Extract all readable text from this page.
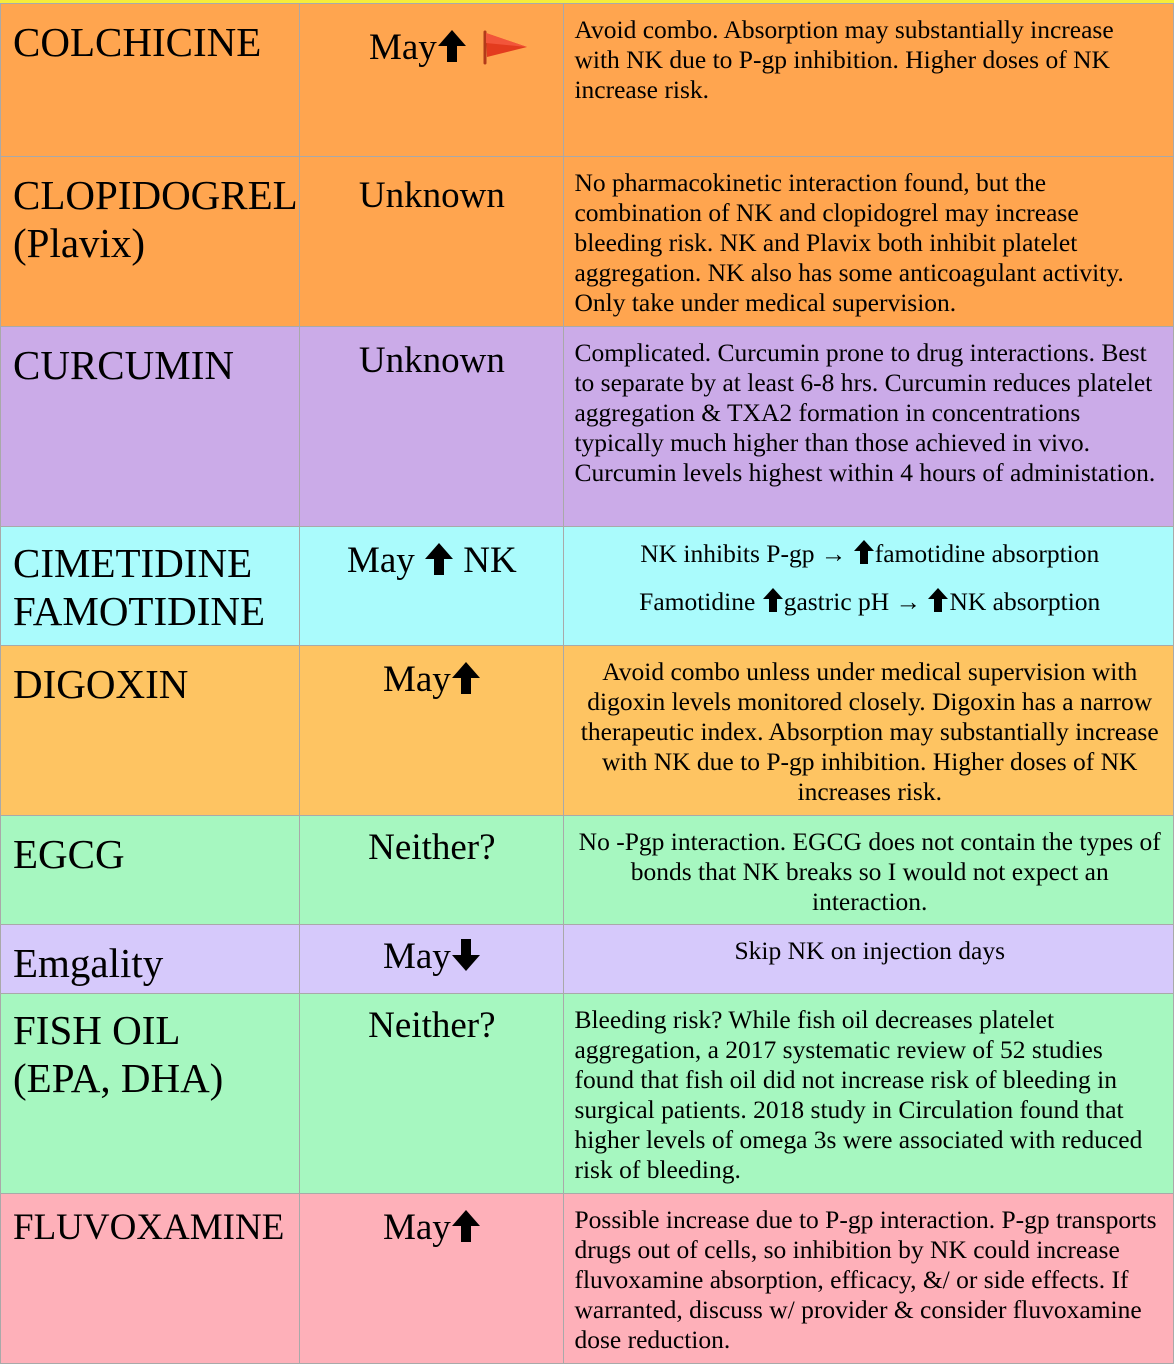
COLCHICINE	May	Avoid combo. Absorption may substantially increase with NK due to P-gp inhibition. Higher doses of NK increase risk.

CLOPIDOGREL
(Plavix)	Unknown	No pharmacokinetic interaction found, but the combination of NK and clopidogrel may increase bleeding risk. NK and Plavix both inhibit platelet aggregation. NK also has some anticoagulant activity. Only take under medical supervision.

CURCUMIN	Unknown	Complicated. Curcumin prone to drug interactions. Best to separate by at least 6-8 hrs. Curcumin reduces platelet aggregation & TXA2 formation in concentrations typically much higher than those achieved in vivo. Curcumin levels highest within 4 hours of administation.

CIMETIDINE
FAMOTIDINE	May NK	NK inhibits P-gp → famotidine absorption
Famotidine gastric pH → NK absorption

DIGOXIN	May	Avoid combo unless under medical supervision with digoxin levels monitored closely. Digoxin has a narrow therapeutic index. Absorption may substantially increase with NK due to P-gp inhibition. Higher doses of NK increases risk.

EGCG	Neither?	No -Pgp interaction. EGCG does not contain the types of bonds that NK breaks so I would not expect an interaction.

Emgality	May	Skip NK on injection days

FISH OIL
(EPA, DHA)	Neither?	Bleeding risk? While fish oil decreases platelet aggregation, a 2017 systematic review of 52 studies found that fish oil did not increase risk of bleeding in surgical patients. 2018 study in Circulation found that higher levels of omega 3s were associated with reduced risk of bleeding.

FLUVOXAMINE	May	Possible increase due to P-gp interaction. P-gp transports drugs out of cells, so inhibition by NK could increase fluvoxamine absorption, efficacy, &/ or side effects. If warranted, discuss w/ provider & consider fluvoxamine dose reduction.
